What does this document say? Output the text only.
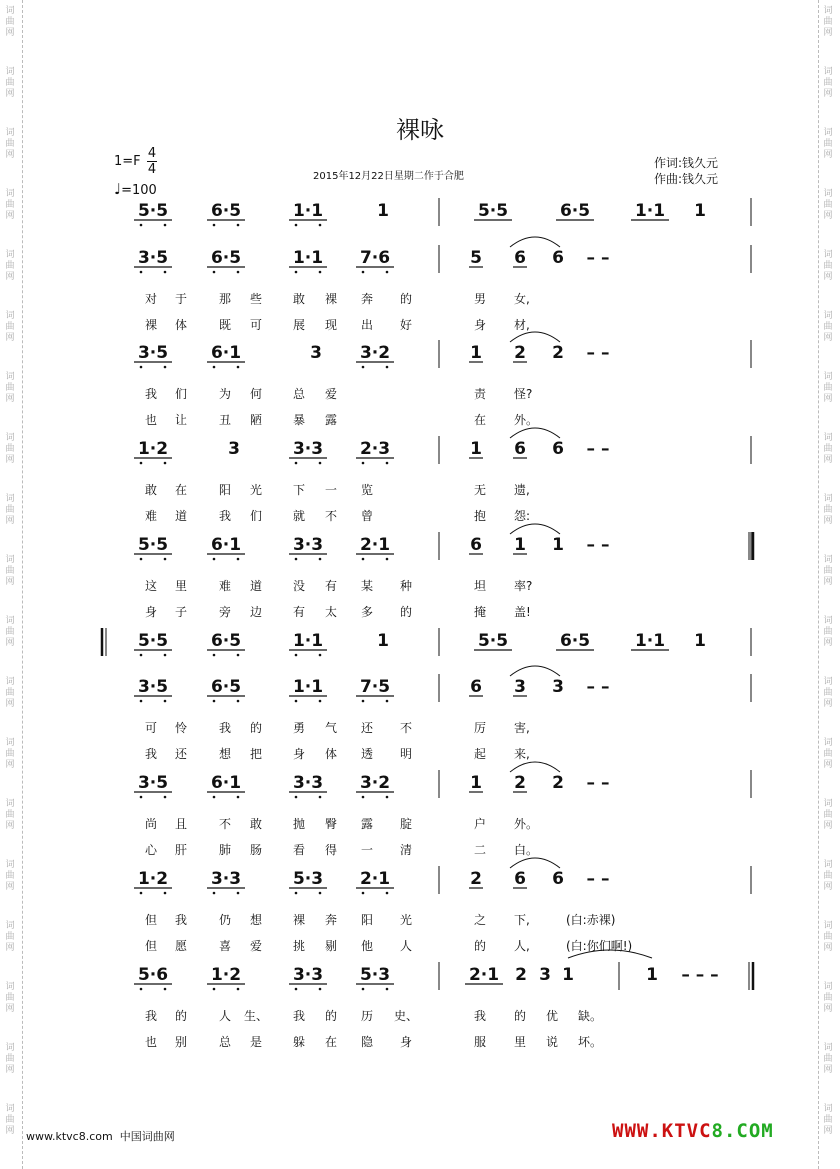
词
曲
网
词
曲
网
词
曲
网
词
曲
网
词
曲
网
词
曲
网
词
曲
网
词
曲
网
词
曲
网
词
曲
网
词
曲
网
词
曲
网
词
曲
网
词
曲
网
词
曲
网
词
曲
网
词
曲
网
词
曲
网
词
曲
网
词
曲
网
词
曲
网
词
曲
网
词
曲
网
词
曲
网
词
曲
网
词
曲
网
词
曲
网
词
曲
网
词
曲
网
词
曲
网
词
曲
网
词
曲
网
词
曲
网
词
曲
网
词
曲
网
词
曲
网
词
曲
网
词
曲
网
裸咏
1=F
4
4
♩=100
2015年12月22日星期二作于合肥
作词:钱久元
作曲:钱久元
5·5	6·5	1·1	1	5·5	6·5	1·1 1
3·5	6·5	1·1 7·6	5 6 6 – –
对 于	那 些	敢 裸 奔 的	男 女,
裸 体	既 可	展 现 出 好	身 材,
3·5	6·1	3 3·2	1 2 2 – –
我 们	为 何	总 爱	责 怪?
也 让	丑 陋	暴 露	在 外。
1·2	3	3·3 2·3	1 6 6 – –
敢 在	阳 光	下 一 览	无 遗,
难 道	我 们	就 不 曾	抱 怨:
5·5	6·1	3·3 2·1	6 1 1 – –
这 里	难 道	没 有 某 种	坦 率?
身 子	旁 边	有 太 多 的	掩 盖!
5·5	6·5	1·1	1	5·5	6·5	1·1 1
3·5	6·5	1·1 7·5	6 3 3 – –
可 怜	我 的	勇 气 还 不	厉 害,
我 还	想 把	身 体 透 明	起 来,
3·5	6·1	3·3 3·2	1 2 2 – –
尚 且	不 敢	抛 臀 露 腚	户 外。
心 肝	肺 肠	看 得 一 清	二 白。
1·2	3·3	5·3 2·1	2 6 6 – –
但 我	仍 想	裸 奔 阳 光	之 下,	(白:赤裸)
但 愿	喜 爱	挑 剔 他 人	的 人,	(白:你们啊!)
5·6	1·2	3·3 5·3	2·1 2 3 1	1 – – –
我 的	人 生、 我 的 历 史、	我 的 优 缺。
也 别	总 是	躲 在 隐 身	服 里 说 坏。
www.ktvc8.com 中国词曲网	WWW.KTVC8.COM
